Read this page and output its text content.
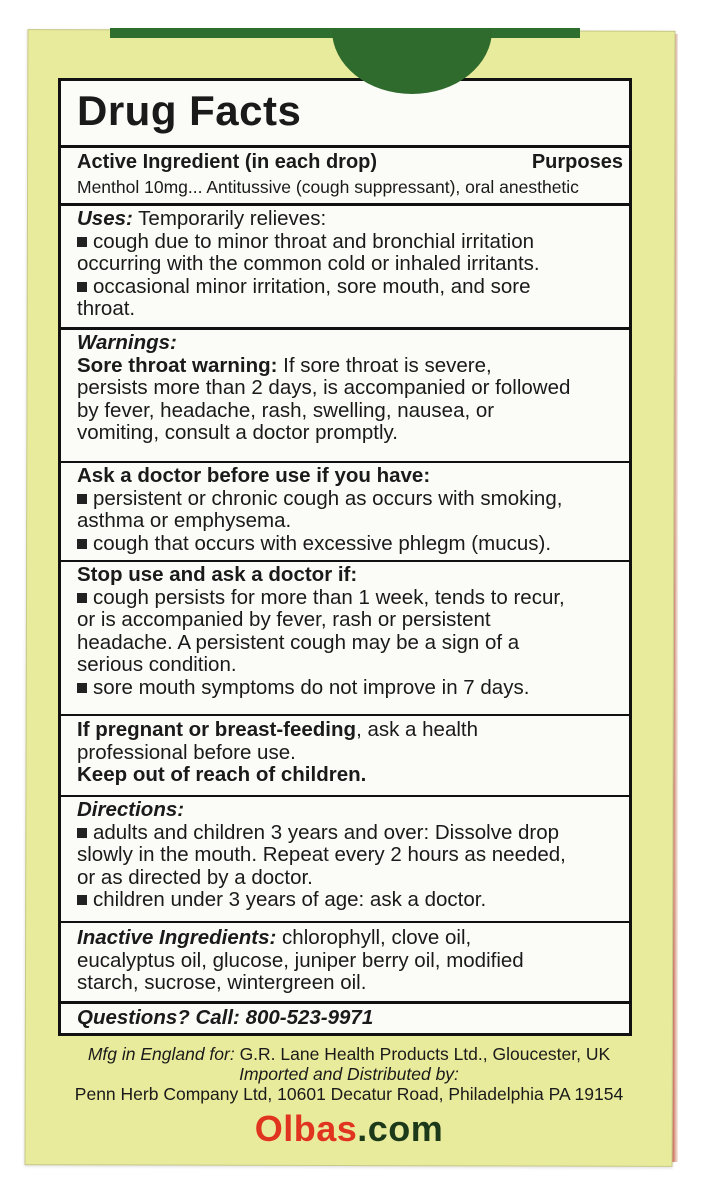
Drug Facts
Active Ingredient (in each drop)	Purposes
Menthol 10mg... Antitussive (cough suppressant), oral anesthetic
Uses: Temporarily relieves:
cough due to minor throat and bronchial irritation
occurring with the common cold or inhaled irritants.
occasional minor irritation, sore mouth, and sore
throat.
Warnings:
Sore throat warning: If sore throat is severe,
persists more than 2 days, is accompanied or followed
by fever, headache, rash, swelling, nausea, or
vomiting, consult a doctor promptly.
Ask a doctor before use if you have:
persistent or chronic cough as occurs with smoking,
asthma or emphysema.
cough that occurs with excessive phlegm (mucus).
Stop use and ask a doctor if:
cough persists for more than 1 week, tends to recur,
or is accompanied by fever, rash or persistent
headache. A persistent cough may be a sign of a
serious condition.
sore mouth symptoms do not improve in 7 days.
If pregnant or breast-feeding, ask a health
professional before use.
Keep out of reach of children.
Directions:
adults and children 3 years and over: Dissolve drop
slowly in the mouth. Repeat every 2 hours as needed,
or as directed by a doctor.
children under 3 years of age: ask a doctor.
Inactive Ingredients: chlorophyll, clove oil,
eucalyptus oil, glucose, juniper berry oil, modified
starch, sucrose, wintergreen oil.
Questions? Call: 800-523-9971
Mfg in England for: G.R. Lane Health Products Ltd., Gloucester, UK
Imported and Distributed by:
Penn Herb Company Ltd, 10601 Decatur Road, Philadelphia PA 19154
Olbas.com
